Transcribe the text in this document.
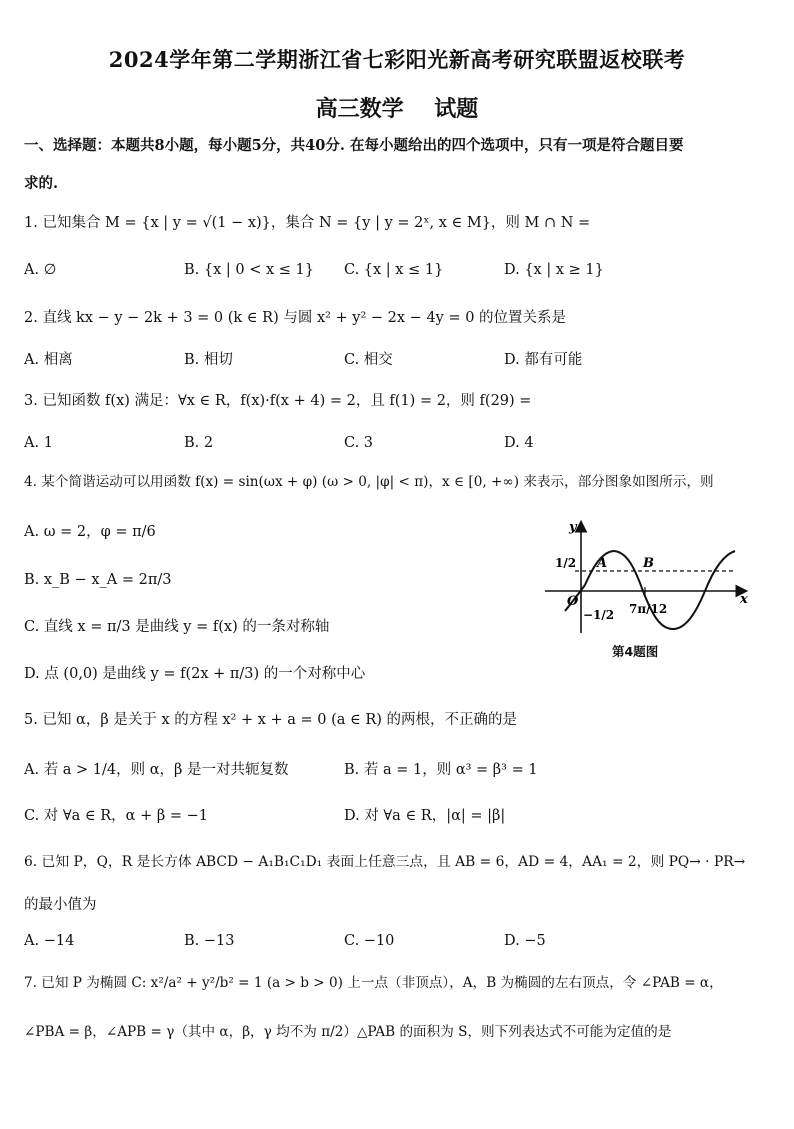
2024学年第二学期浙江省七彩阳光新高考研究联盟返校联考
高三数学    试题
一、选择题：本题共8小题，每小题5分，共40分. 在每小题给出的四个选项中，只有一项是符合题目要
求的.
1. 已知集合 M = {x | y = √(1 − x)}，集合 N = {y | y = 2ˣ, x ∈ M}，则 M ∩ N =
A. ∅	B. {x | 0 < x ≤ 1} C. {x | x ≤ 1}	D. {x | x ≥ 1}
2. 直线 kx − y − 2k + 3 = 0 (k ∈ R) 与圆 x² + y² − 2x − 4y = 0 的位置关系是
A. 相离	B. 相切	C. 相交	D. 都有可能
3. 已知函数 f(x) 满足：∀x ∈ R，f(x)·f(x + 4) = 2，且 f(1) = 2，则 f(29) =
A. 1	B. 2	C. 3	D. 4
4. 某个简谐运动可以用函数 f(x) = sin(ωx + φ) (ω > 0, |φ| < π)，x ∈ [0, +∞) 来表示，部分图象如图所示，则
A. ω = 2，φ = π/6
B. x_B − x_A = 2π/3
C. 直线 x = π/3 是曲线 y = f(x) 的一条对称轴
D. 点 (0,0) 是曲线 y = f(2x + π/3) 的一个对称中心
y
x
O
1/2
−1/2
A	B
7π/12
第4题图
5. 已知 α，β 是关于 x 的方程 x² + x + a = 0 (a ∈ R) 的两根，不正确的是
A. 若 a > 1/4，则 α，β 是一对共轭复数	B. 若 a = 1，则 α³ = β³ = 1
C. 对 ∀a ∈ R，α + β = −1	D. 对 ∀a ∈ R，|α| = |β|
6. 已知 P，Q，R 是长方体 ABCD − A₁B₁C₁D₁ 表面上任意三点，且 AB = 6，AD = 4，AA₁ = 2，则 PQ→ · PR→
的最小值为
A. −14	B. −13	C. −10	D. −5
7. 已知 P 为椭圆 C: x²/a² + y²/b² = 1 (a > b > 0) 上一点（非顶点），A，B 为椭圆的左右顶点，令 ∠PAB = α，
∠PBA = β，∠APB = γ（其中 α，β，γ 均不为 π/2）△PAB 的面积为 S，则下列表达式不可能为定值的是
